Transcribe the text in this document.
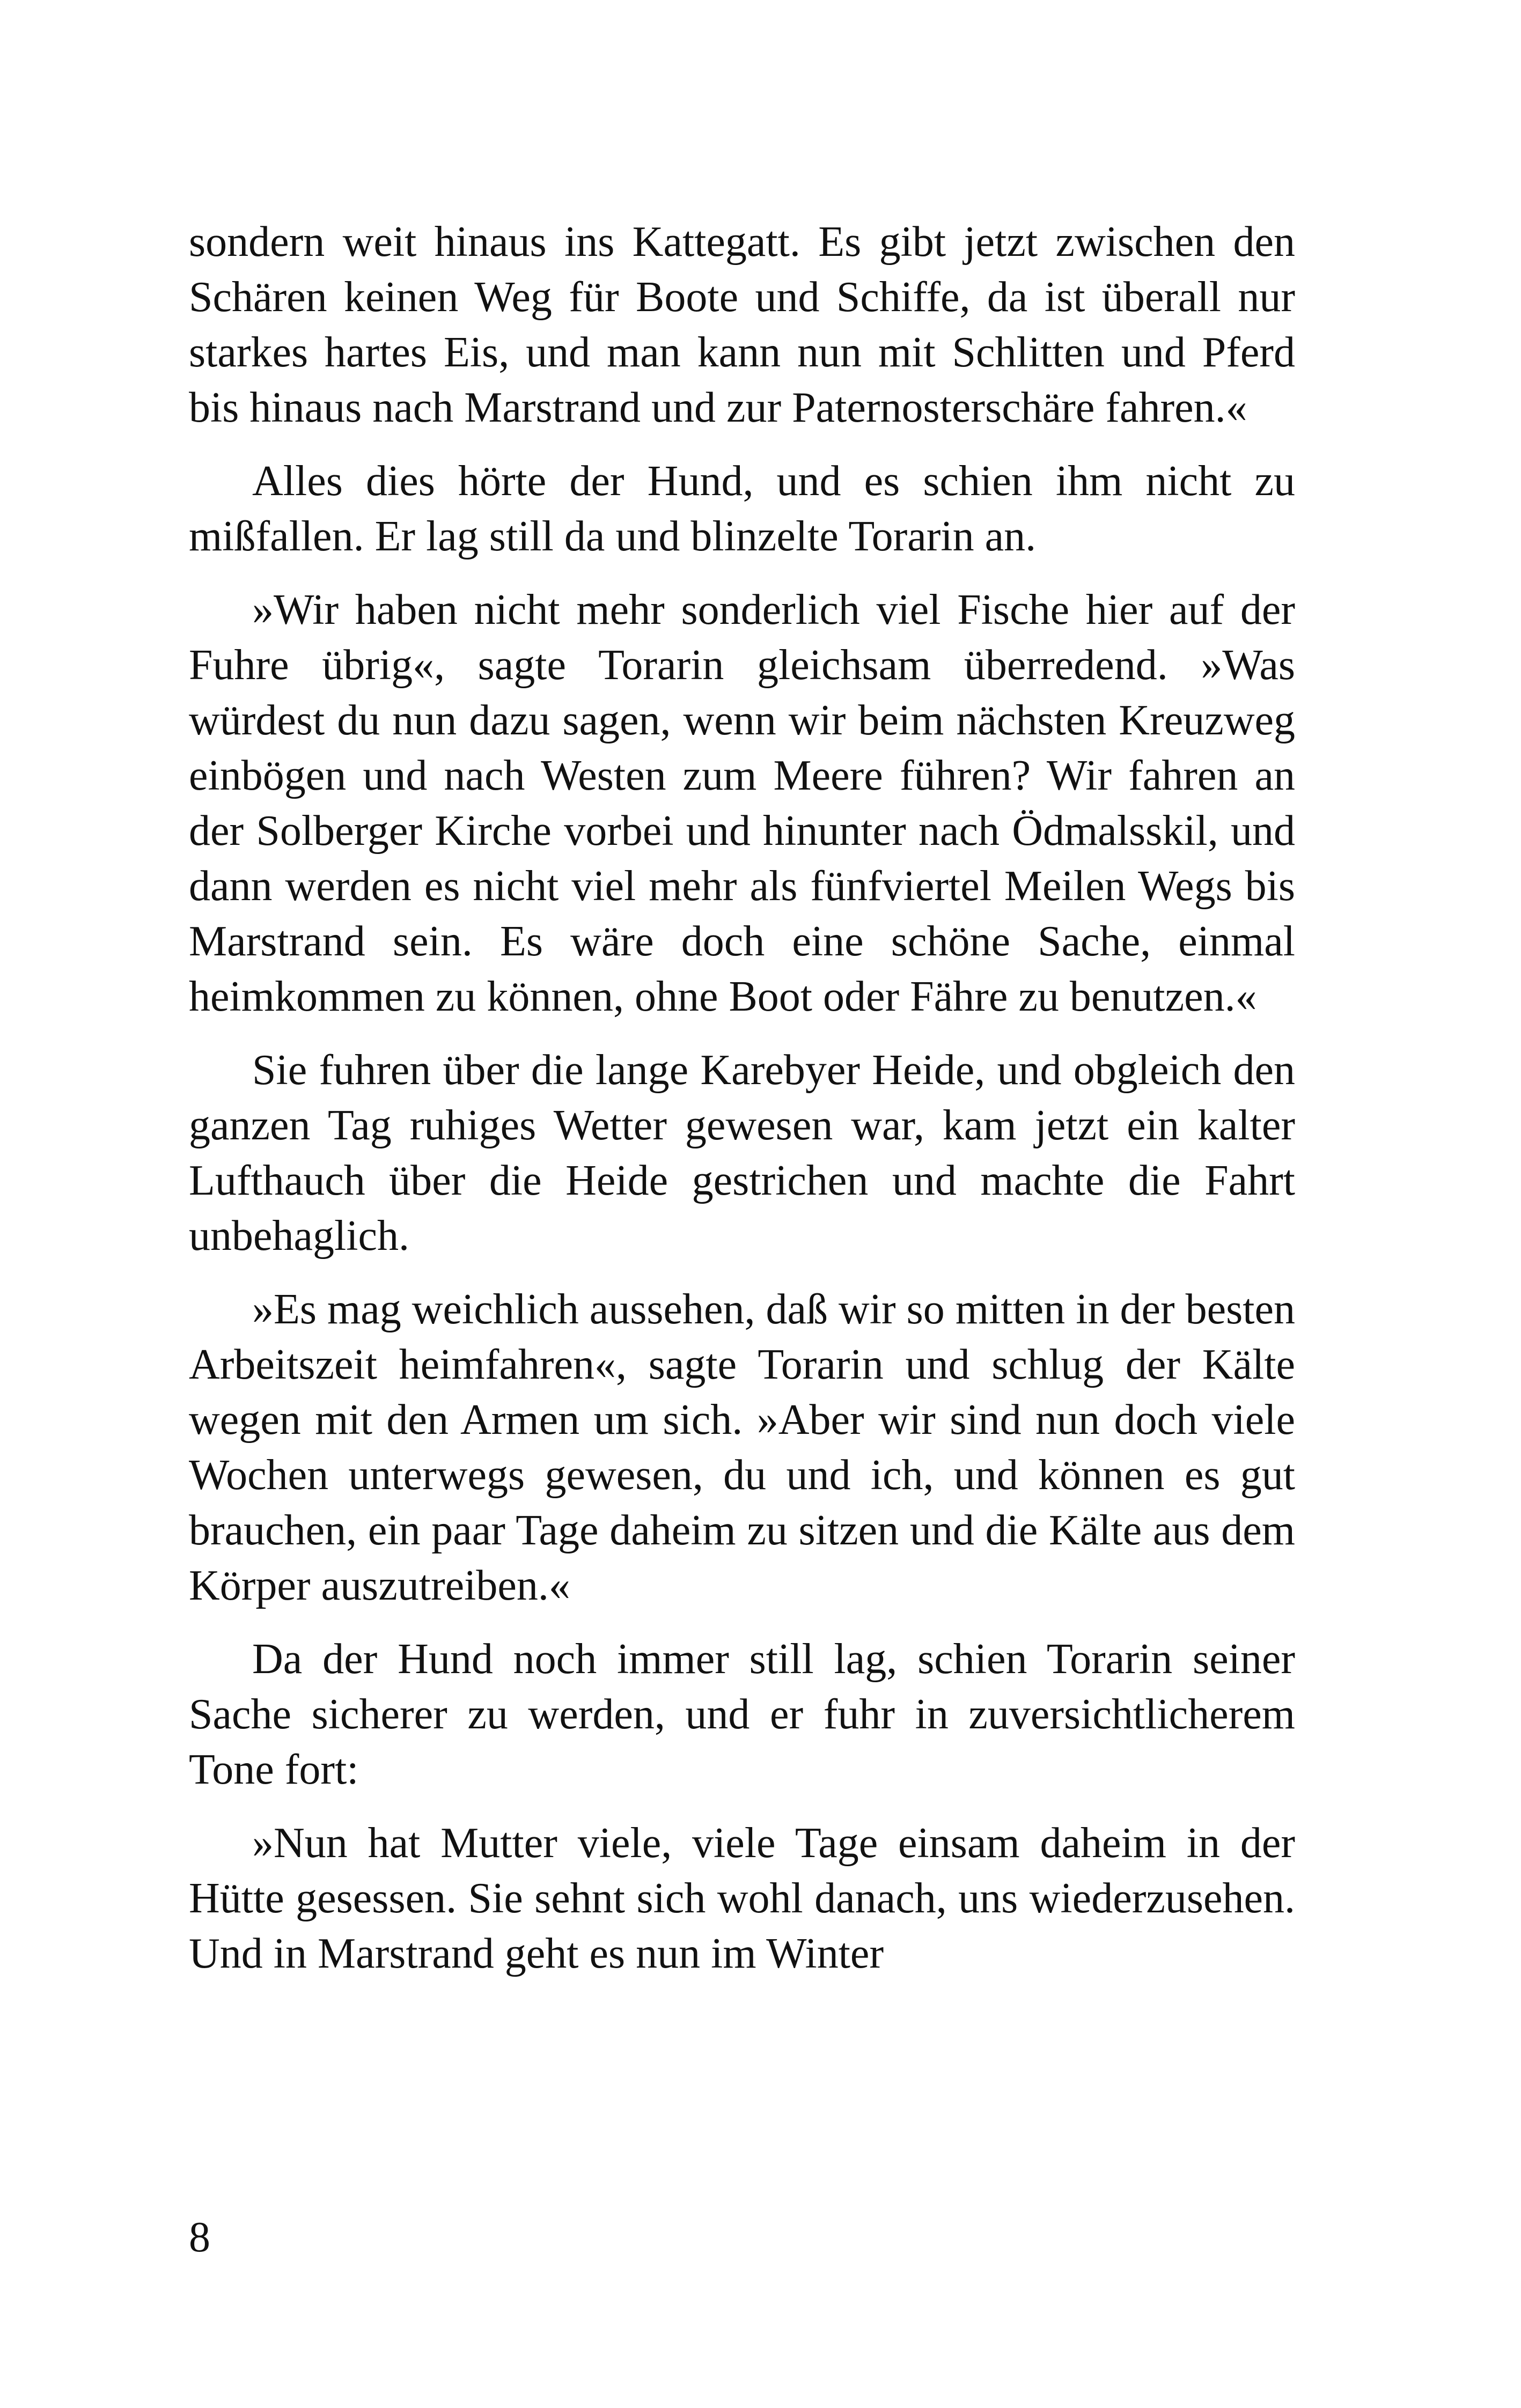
sondern weit hinaus ins Kattegatt. Es gibt jetzt zwischen den Schären keinen Weg für Boote und Schiffe, da ist überall nur starkes hartes Eis, und man kann nun mit Schlitten und Pferd bis hinaus nach Marstrand und zur Paternosterschäre fahren.«

Alles dies hörte der Hund, und es schien ihm nicht zu mißfallen. Er lag still da und blinzelte Torarin an.

»Wir haben nicht mehr sonderlich viel Fische hier auf der Fuhre übrig«, sagte Torarin gleichsam überredend. »Was würdest du nun dazu sagen, wenn wir beim nächsten Kreuzweg einbögen und nach Westen zum Meere führen? Wir fahren an der Solberger Kirche vorbei und hinunter nach Ödmalsskil, und dann werden es nicht viel mehr als fünfviertel Meilen Wegs bis Marstrand sein. Es wäre doch eine schöne Sache, einmal heimkommen zu können, ohne Boot oder Fähre zu benutzen.«

Sie fuhren über die lange Karebyer Heide, und obgleich den ganzen Tag ruhiges Wetter gewesen war, kam jetzt ein kalter Lufthauch über die Heide gestrichen und machte die Fahrt unbehaglich.

»Es mag weichlich aussehen, daß wir so mitten in der besten Arbeitszeit heimfahren«, sagte Torarin und schlug der Kälte wegen mit den Armen um sich. »Aber wir sind nun doch viele Wochen unterwegs gewesen, du und ich, und können es gut brauchen, ein paar Tage daheim zu sitzen und die Kälte aus dem Körper auszutreiben.«

Da der Hund noch immer still lag, schien Torarin seiner Sache sicherer zu werden, und er fuhr in zuversichtlicherem Tone fort:

»Nun hat Mutter viele, viele Tage einsam daheim in der Hütte gesessen. Sie sehnt sich wohl danach, uns wiederzusehen. Und in Marstrand geht es nun im Winter

8
